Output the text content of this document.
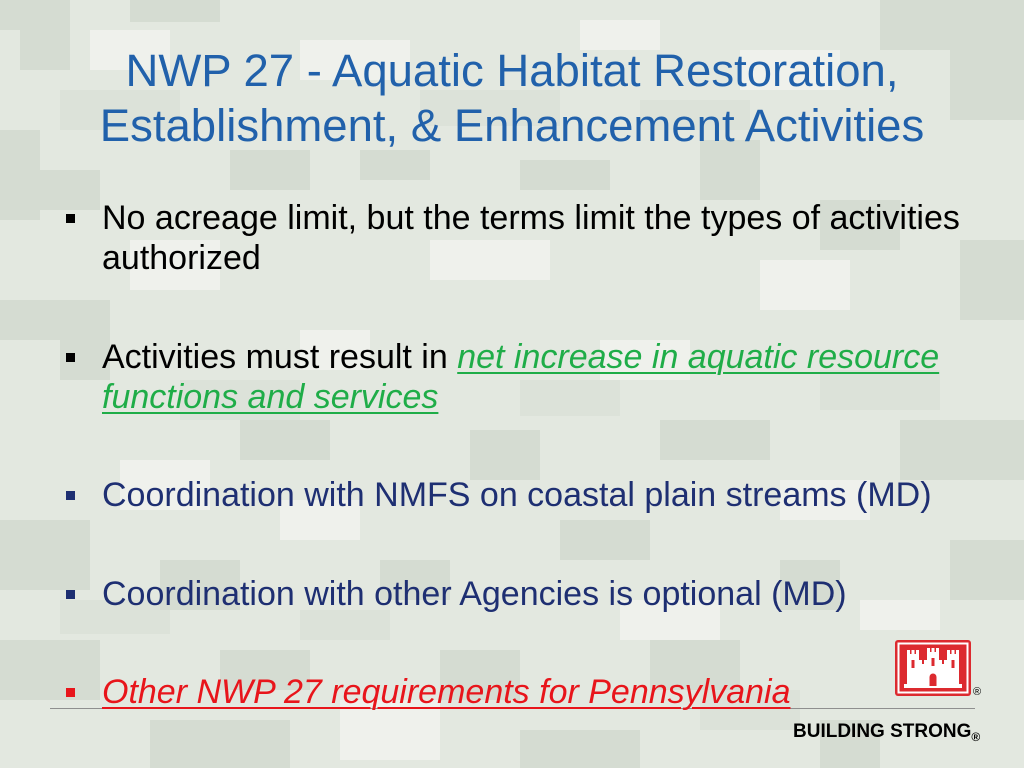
NWP 27 - Aquatic Habitat Restoration,
Establishment, & Enhancement Activities
No acreage limit, but the terms limit the types of activities authorized
Activities must result in net increase in aquatic resource functions and services
Coordination with NMFS on coastal plain streams (MD)
Coordination with other Agencies is optional (MD)
Other NWP 27 requirements for Pennsylvania	®
BUILDING $STRONG_®$
